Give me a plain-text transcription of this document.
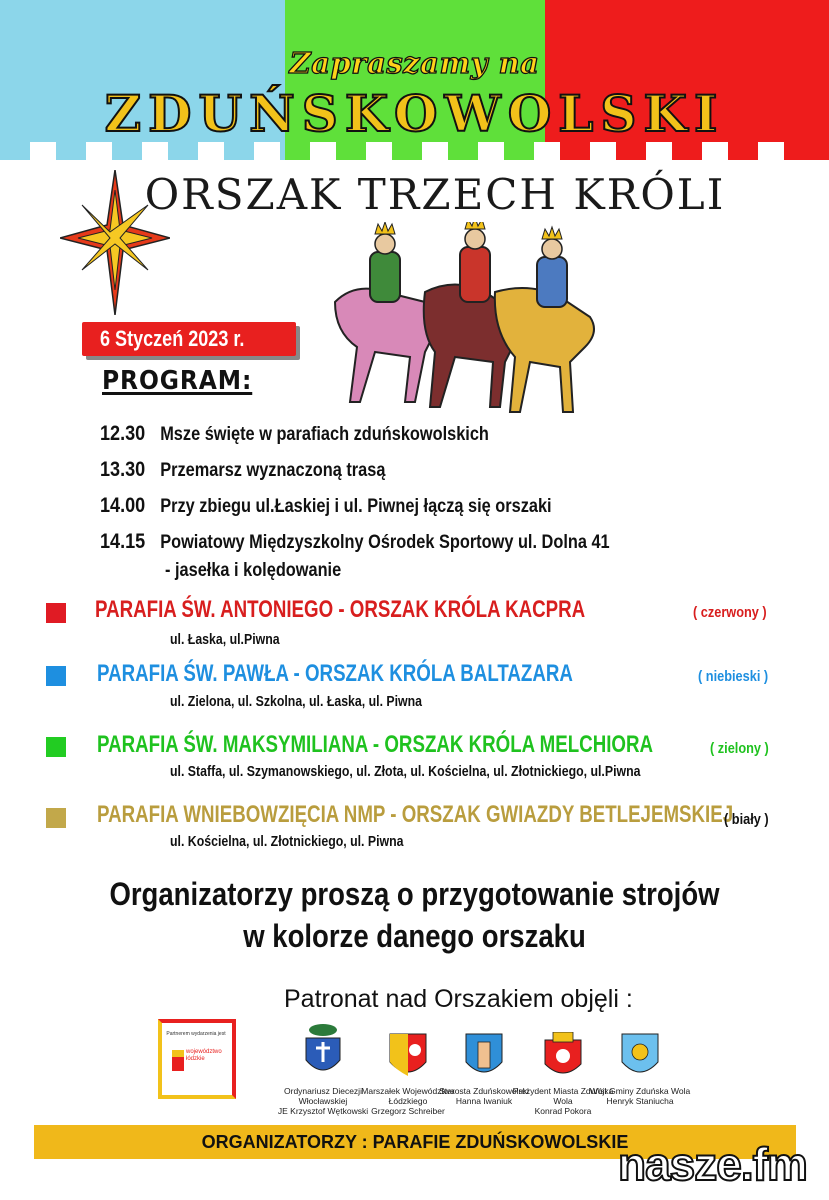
Zapraszamy na
ZDUŃSKOWOLSKI
ORSZAK TRZECH KRÓLI
6 Styczeń 2023 r.
PROGRAM:
12.30 Msze święte w parafiach zduńskowolskich
13.30 Przemarsz wyznaczoną trasą
14.00 Przy zbiegu ul.Łaskiej i ul. Piwnej łączą się orszaki
14.15 Powiatowy Międzyszkolny Ośrodek Sportowy ul. Dolna 41
- jasełka i kolędowanie
PARAFIA ŚW. ANTONIEGO - ORSZAK KRÓLA KACPRA	( czerwony )
ul. Łaska, ul.Piwna
PARAFIA ŚW. PAWŁA - ORSZAK KRÓLA BALTAZARA	( niebieski )
ul. Zielona, ul. Szkolna, ul. Łaska, ul. Piwna
PARAFIA ŚW. MAKSYMILIANA - ORSZAK KRÓLA MELCHIORA	( zielony )
ul. Staffa, ul. Szymanowskiego, ul. Złota, ul. Kościelna, ul. Złotnickiego, ul.Piwna
PARAFIA WNIEBOWZIĘCIA NMP - ORSZAK GWIAZDY BETLEJEMSKIEJ
( biały )
ul. Kościelna, ul. Złotnickiego, ul. Piwna
Organizatorzy proszą o przygotowanie strojów
w kolorze danego orszaku
Patronat nad Orszakiem objęli :
Partnerem wydarzenia jest
województwo łódzkie
Ordynariusz Diecezji Włocławskiej
JE Krzysztof Wętkowski
Marszałek Województwa Łódzkiego
Grzegorz Schreiber
Starosta Zduńskowolski
Hanna Iwaniuk
Prezydent Miasta Zduńska Wola
Konrad Pokora
Wójt Gminy Zduńska Wola
Henryk Staniucha
ORGANIZATORZY : PARAFIE ZDUŃSKOWOLSKIE
nasze.fm
